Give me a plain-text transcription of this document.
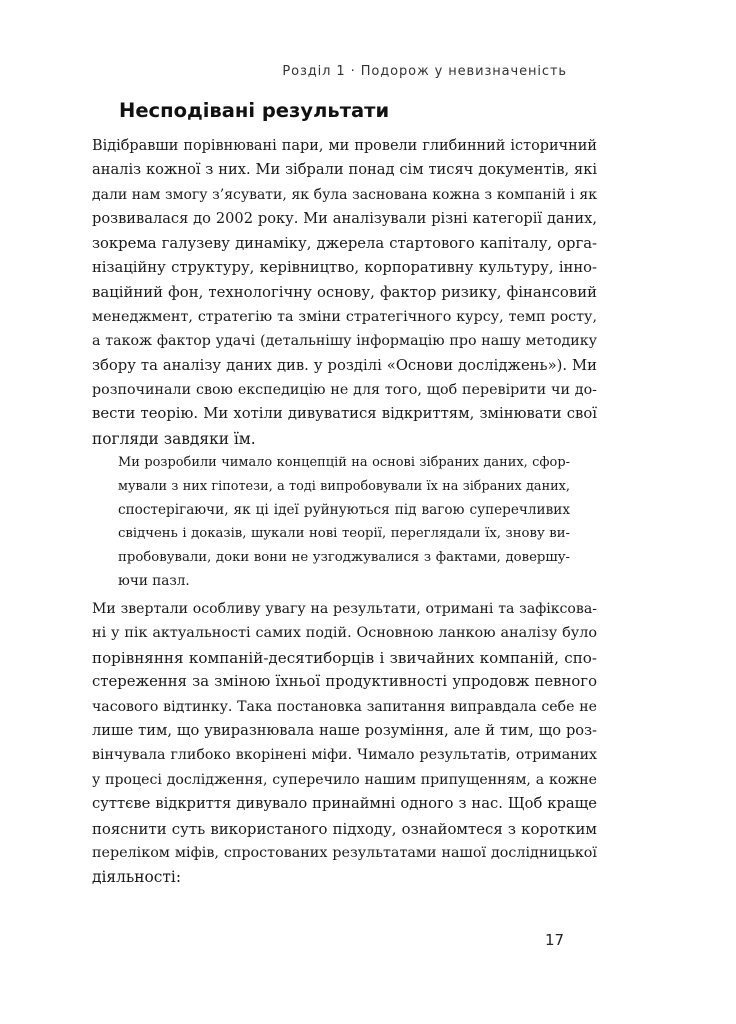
Розділ 1 · Подорож у невизначеність
Несподівані результати
Відібравши порівнювані пари, ми провели глибинний історичний
аналіз кожної з них. Ми зібрали понад сім тисяч документів, які
дали нам змогу з’ясувати, як була заснована кожна з компаній і як
розвивалася до 2002 року. Ми аналізували різні категорії даних,
зокрема галузеву динаміку, джерела стартового капіталу, орга-
нізаційну структуру, керівництво, корпоративну культуру, інно-
ваційний фон, технологічну основу, фактор ризику, фінансовий
менеджмент, стратегію та зміни стратегічного курсу, темп росту,
а також фактор удачі (детальнішу інформацію про нашу методику
збору та аналізу даних див. у розділі «Основи досліджень»). Ми
розпочинали свою експедицію не для того, щоб перевірити чи до-
вести теорію. Ми хотіли дивуватися відкриттям, змінювати свої
погляди завдяки їм.
Ми розробили чимало концепцій на основі зібраних даних, сфор-
мували з них гіпотези, а тоді випробовували їх на зібраних даних,
спостерігаючи, як ці ідеї руйнуються під вагою суперечливих
свідчень і доказів, шукали нові теорії, переглядали їх, знову ви-
пробовували, доки вони не узгоджувалися з фактами, довершу-
ючи пазл.
Ми звертали особливу увагу на результати, отримані та зафіксова-
ні у пік актуальності самих подій. Основною ланкою аналізу було
порівняння компаній-десятиборців і звичайних компаній, спо-
стереження за зміною їхньої продуктивності упродовж певного
часового відтинку. Така постановка запитання виправдала себе не
лише тим, що увиразнювала наше розуміння, але й тим, що роз-
вінчувала глибоко вкорінені міфи. Чимало результатів, отриманих
у процесі дослідження, суперечило нашим припущенням, а кожне
суттєве відкриття дивувало принаймні одного з нас. Щоб краще
пояснити суть використаного підходу, ознайомтеся з коротким
переліком міфів, спростованих результатами нашої дослідницької
діяльності:
17
